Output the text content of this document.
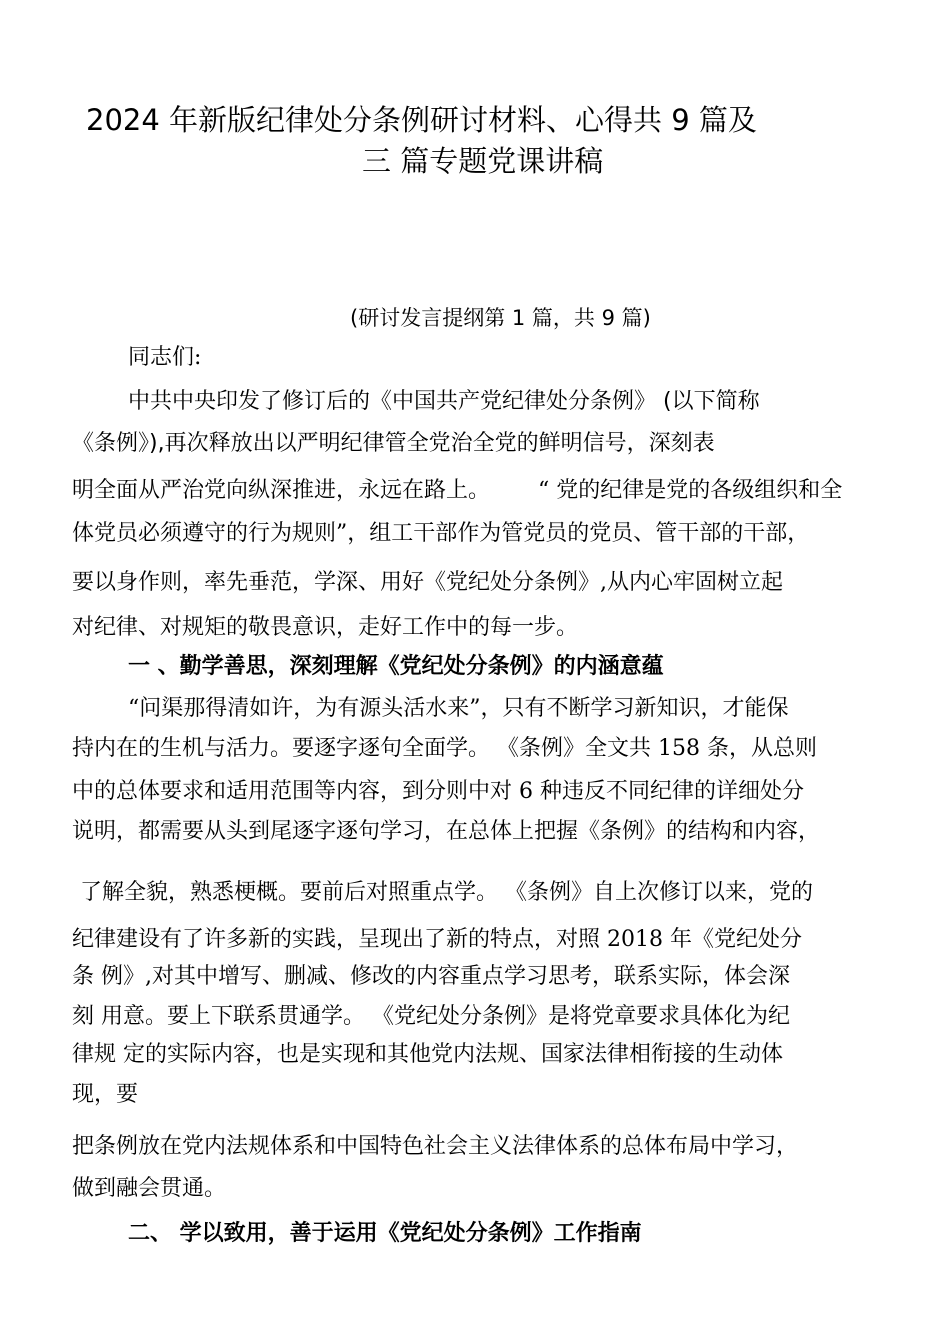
2024 年新版纪律处分条例研讨材料、心得共 9 篇及
三 篇专题党课讲稿
(研讨发言提纲第 1 篇，共 9 篇)
同志们:
中共中央印发了修订后的《中国共产党纪律处分条例》 (以下简称
《条例》),再次释放出以严明纪律管全党治全党的鲜明信号，深刻表
明全面从严治党向纵深推进，永远在路上。 “ 党的纪律是党的各级组织和全
体党员必须遵守的行为规则”，组工干部作为管党员的党员、管干部的干部，
要以身作则，率先垂范，学深、用好《党纪处分条例》,从内心牢固树立起
对纪律、对规矩的敬畏意识，走好工作中的每一步。
一 、勤学善思，深刻理解《党纪处分条例》的内涵意蕴
“问渠那得清如许，为有源头活水来”，只有不断学习新知识，才能保
持内在的生机与活力。要逐字逐句全面学。 《条例》全文共 158 条，从总则
中的总体要求和适用范围等内容，到分则中对 6 种违反不同纪律的详细处分
说明，都需要从头到尾逐字逐句学习，在总体上把握《条例》的结构和内容，
了解全貌，熟悉梗概。要前后对照重点学。 《条例》自上次修订以来，党的
纪律建设有了许多新的实践，呈现出了新的特点，对照 2018 年《党纪处分
条 例》,对其中增写、删减、修改的内容重点学习思考，联系实际，体会深
刻 用意。要上下联系贯通学。 《党纪处分条例》是将党章要求具体化为纪
律规 定的实际内容，也是实现和其他党内法规、国家法律相衔接的生动体
现，要
把条例放在党内法规体系和中国特色社会主义法律体系的总体布局中学习，
做到融会贯通。
二、 学以致用，善于运用《党纪处分条例》工作指南
